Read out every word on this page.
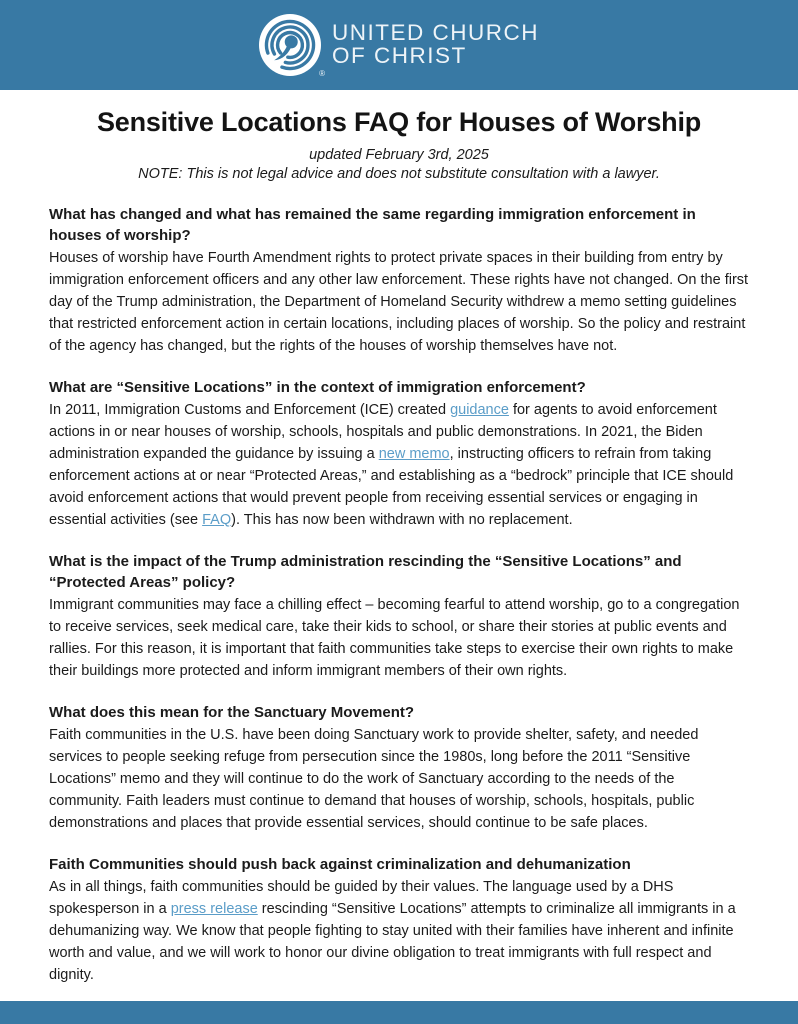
®
UNITED CHURCH
OF CHRIST
Sensitive Locations FAQ for Houses of Worship

updated February 3rd, 2025

NOTE: This is not legal advice and does not substitute consultation with a lawyer.

What has changed and what has remained the same regarding immigration enforcement in houses of worship?

Houses of worship have Fourth Amendment rights to protect private spaces in their building from entry by immigration enforcement officers and any other law enforcement. These rights have not changed. On the first day of the Trump administration, the Department of Homeland Security withdrew a memo setting guidelines that restricted enforcement action in certain locations, including places of worship. So the policy and restraint of the agency has changed, but the rights of the houses of worship themselves have not.

What are “Sensitive Locations” in the context of immigration enforcement?

In 2011, Immigration Customs and Enforcement (ICE) created guidance for agents to avoid enforcement actions in or near houses of worship, schools, hospitals and public demonstrations. In 2021, the Biden administration expanded the guidance by issuing a new memo, instructing officers to refrain from taking enforcement actions at or near “Protected Areas,” and establishing as a “bedrock” principle that ICE should avoid enforcement actions that would prevent people from receiving essential services or engaging in essential activities (see FAQ). This has now been withdrawn with no replacement.

What is the impact of the Trump administration rescinding the “Sensitive Locations” and “Protected Areas” policy?

Immigrant communities may face a chilling effect – becoming fearful to attend worship, go to a congregation to receive services, seek medical care, take their kids to school, or share their stories at public events and rallies. For this reason, it is important that faith communities take steps to exercise their own rights to make their buildings more protected and inform immigrant members of their own rights.

What does this mean for the Sanctuary Movement?

Faith communities in the U.S. have been doing Sanctuary work to provide shelter, safety, and needed services to people seeking refuge from persecution since the 1980s, long before the 2011 “Sensitive Locations” memo and they will continue to do the work of Sanctuary according to the needs of the community. Faith leaders must continue to demand that houses of worship, schools, hospitals, public demonstrations and places that provide essential services, should continue to be safe places.

Faith Communities should push back against criminalization and dehumanization

As in all things, faith communities should be guided by their values. The language used by a DHS spokesperson in a press release rescinding “Sensitive Locations” attempts to criminalize all immigrants in a dehumanizing way. We know that people fighting to stay united with their families have inherent and infinite worth and value, and we will work to honor our divine obligation to treat immigrants with full respect and dignity.
